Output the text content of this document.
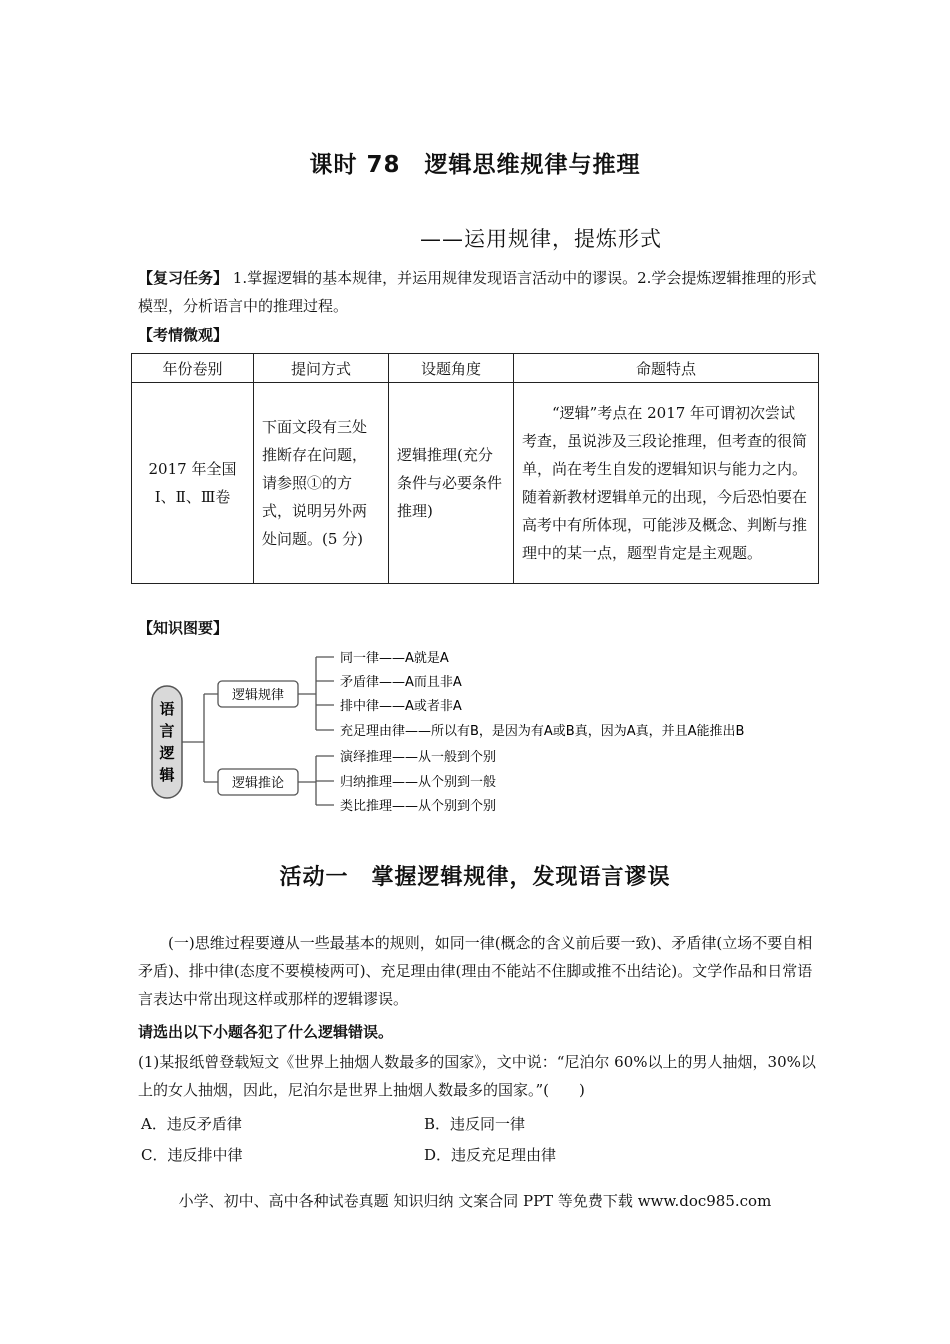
课时 78　逻辑思维规律与推理
——运用规律，提炼形式
【复习任务】 1.掌握逻辑的基本规律，并运用规律发现语言活动中的谬误。2.学会提炼逻辑推理的形式模型，分析语言中的推理过程。
【考情微观】
年份卷别	提问方式	设题角度	命题特点
2017 年全国Ⅰ、Ⅱ、Ⅲ卷	下面文段有三处推断存在问题，请参照①的方式，说明另外两处问题。(5 分)	逻辑推理(充分条件与必要条件推理)	“逻辑”考点在 2017 年可谓初次尝试考查，虽说涉及三段论推理，但考查的很简单，尚在考生自发的逻辑知识与能力之内。随着新教材逻辑单元的出现，今后恐怕要在高考中有所体现，可能涉及概念、判断与推理中的某一点，题型肯定是主观题。
【知识图要】
语
言
逻
辑
逻辑规律
同一律——A就是A
矛盾律——A而且非A
排中律——A或者非A
充足理由律——所以有B，是因为有A或B真，因为A真，并且A能推出B
逻辑推论
演绎推理——从一般到个别
归纳推理——从个别到一般
类比推理——从个别到个别
活动一　掌握逻辑规律，发现语言谬误
(一)思维过程要遵从一些最基本的规则，如同一律(概念的含义前后要一致)、矛盾律(立场不要自相矛盾)、排中律(态度不要模棱两可)、充足理由律(理由不能站不住脚或推不出结论)。文学作品和日常语言表达中常出现这样或那样的逻辑谬误。
请选出以下小题各犯了什么逻辑错误。
(1)某报纸曾登载短文《世界上抽烟人数最多的国家》，文中说：“尼泊尔 60%以上的男人抽烟，30%以上的女人抽烟，因此，尼泊尔是世界上抽烟人数最多的国家。”(　　)
A．违反矛盾律	B．违反同一律
C．违反排中律	D．违反充足理由律
小学、初中、高中各种试卷真题 知识归纳 文案合同 PPT 等免费下载 www.doc985.com
